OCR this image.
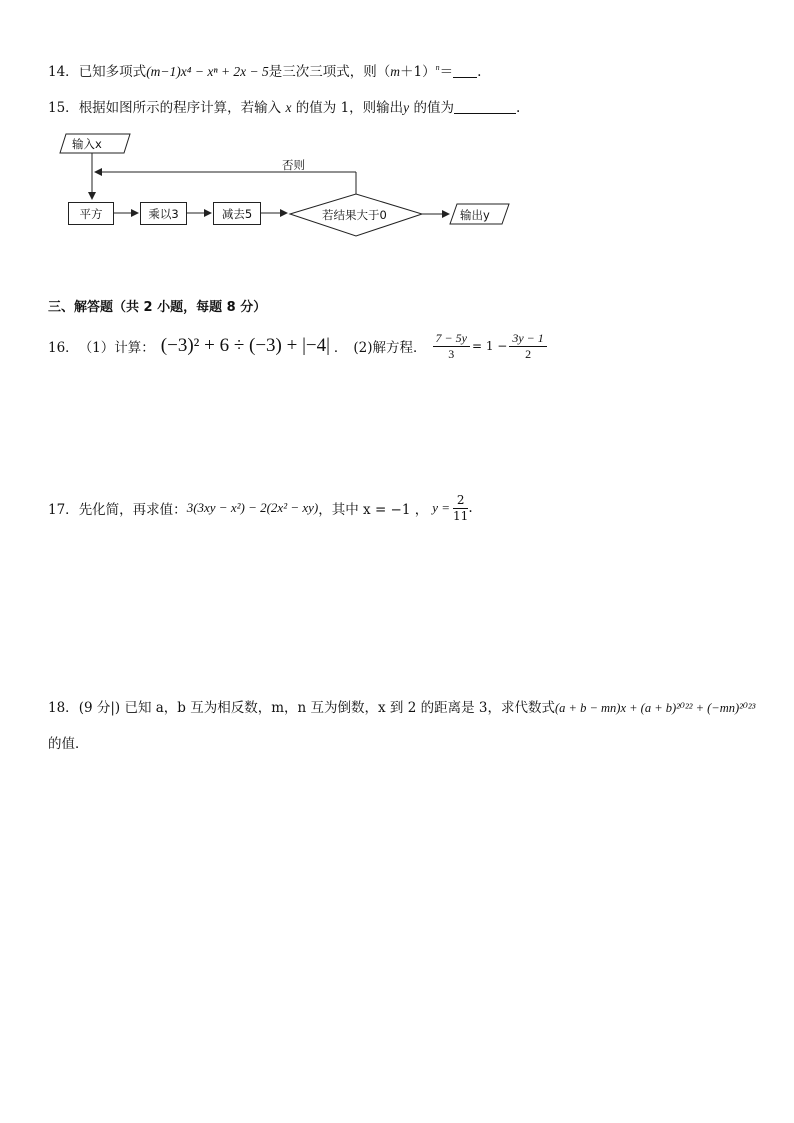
14．已知多项式(m−1)x⁴ − xⁿ + 2x − 5是三次三项式，则$(m+1)^n=$ .
15．根据如图所示的程序计算，若输入 x 的值为 1，则输出y 的值为	.
输入x
否则
平方	乘以3	减去5	若结果大于0	输出y
三、解答题（共 2 小题，每题 8 分）
16． （1）计算： (−3)² + 6 ÷ (−3) + |−4| ． (2)解方程． $\frac{7 - 5y}{3} = 1 - \frac{3y - 1}{2}$
17． 先化简，再求值： 3(3xy − x²) − 2(2x² − xy) ，其中 x = −1 ， $y = \frac{2}{11}$ .
18．(9 分|) 已知 a，b 互为相反数，m，n 互为倒数，x 到 2 的距离是 3，求代数式(a + b − mn)x + (a + b)²⁰²² + (−mn)²⁰²³
的值．
